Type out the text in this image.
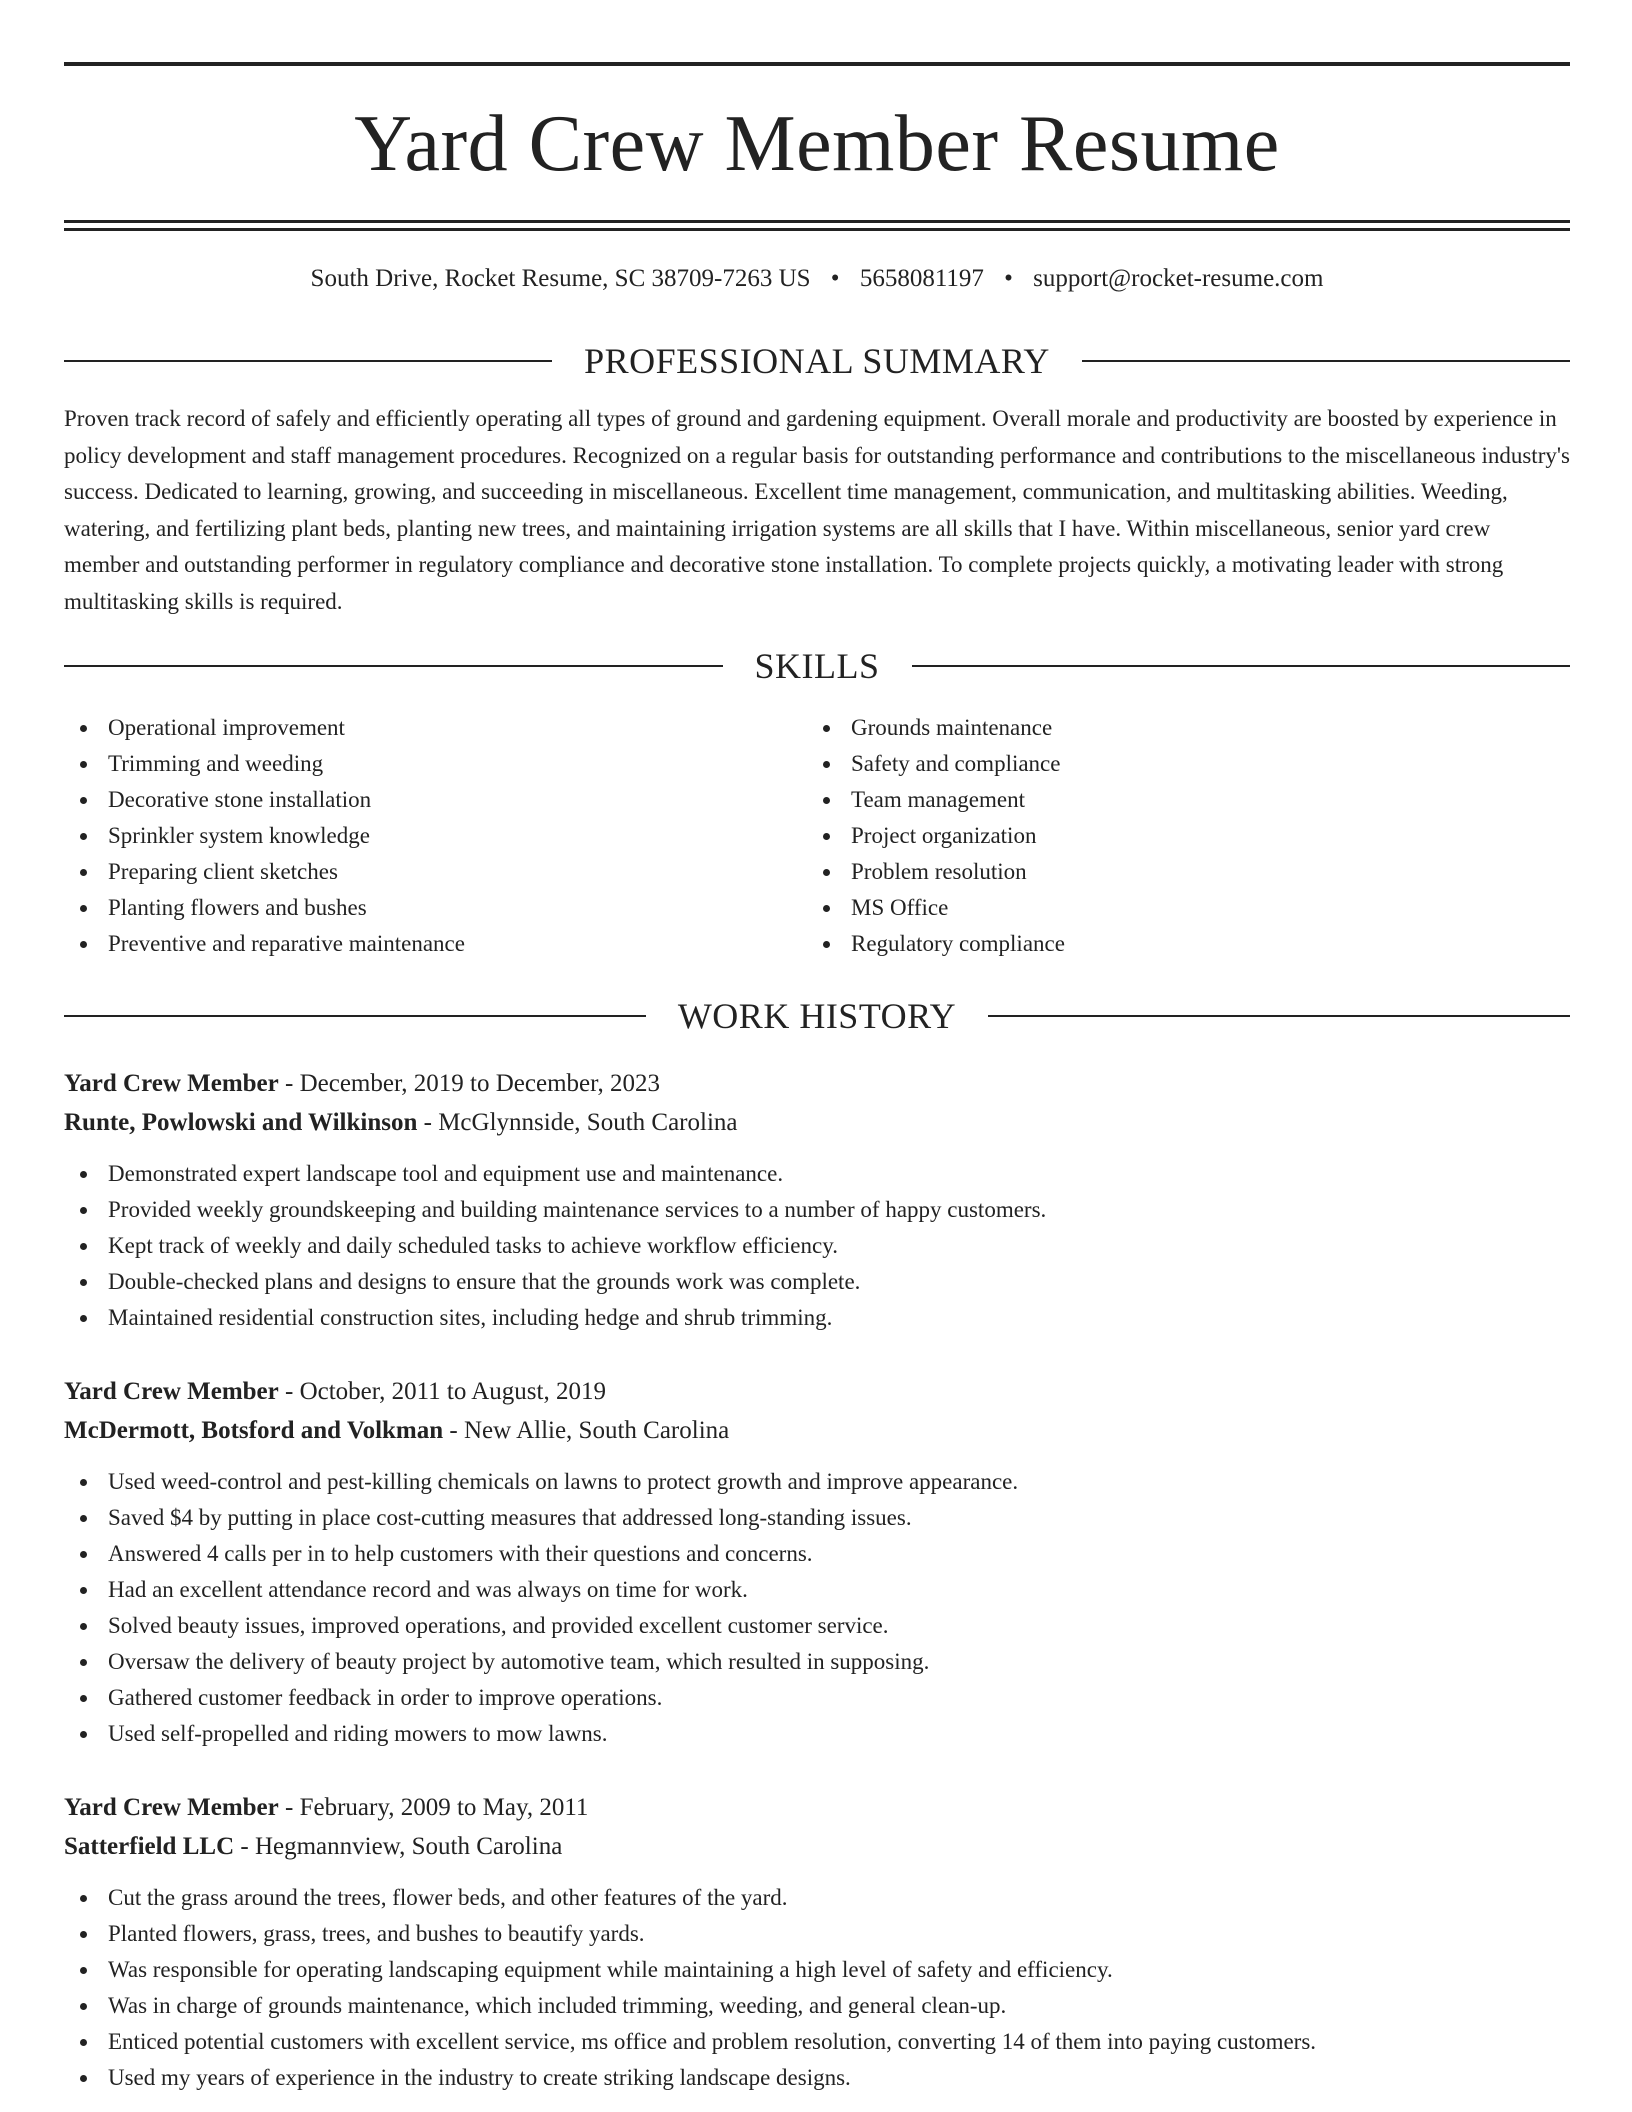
Yard Crew Member Resume
South Drive, Rocket Resume, SC 38709-7263 US • 5658081197 • support@rocket-resume.com
PROFESSIONAL SUMMARY

Proven track record of safely and efficiently operating all types of ground and gardening equipment. Overall morale and productivity are boosted by experience in policy development and staff management procedures. Recognized on a regular basis for outstanding performance and contributions to the miscellaneous industry's success. Dedicated to learning, growing, and succeeding in miscellaneous. Excellent time management, communication, and multitasking abilities. Weeding, watering, and fertilizing plant beds, planting new trees, and maintaining irrigation systems are all skills that I have. Within miscellaneous, senior yard crew member and outstanding performer in regulatory compliance and decorative stone installation. To complete projects quickly, a motivating leader with strong multitasking skills is required.

SKILLS
Operational improvement
Trimming and weeding
Decorative stone installation
Sprinkler system knowledge
Preparing client sketches
Planting flowers and bushes
Preventive and reparative maintenance
Grounds maintenance
Safety and compliance
Team management
Project organization
Problem resolution
MS Office
Regulatory compliance
WORK HISTORY
Yard Crew Member - December, 2019 to December, 2023
Runte, Powlowski and Wilkinson - McGlynnside, South Carolina
Demonstrated expert landscape tool and equipment use and maintenance.
Provided weekly groundskeeping and building maintenance services to a number of happy customers.
Kept track of weekly and daily scheduled tasks to achieve workflow efficiency.
Double-checked plans and designs to ensure that the grounds work was complete.
Maintained residential construction sites, including hedge and shrub trimming.
Yard Crew Member - October, 2011 to August, 2019
McDermott, Botsford and Volkman - New Allie, South Carolina
Used weed-control and pest-killing chemicals on lawns to protect growth and improve appearance.
Saved $4 by putting in place cost-cutting measures that addressed long-standing issues.
Answered 4 calls per in to help customers with their questions and concerns.
Had an excellent attendance record and was always on time for work.
Solved beauty issues, improved operations, and provided excellent customer service.
Oversaw the delivery of beauty project by automotive team, which resulted in supposing.
Gathered customer feedback in order to improve operations.
Used self-propelled and riding mowers to mow lawns.
Yard Crew Member - February, 2009 to May, 2011
Satterfield LLC - Hegmannview, South Carolina
Cut the grass around the trees, flower beds, and other features of the yard.
Planted flowers, grass, trees, and bushes to beautify yards.
Was responsible for operating landscaping equipment while maintaining a high level of safety and efficiency.
Was in charge of grounds maintenance, which included trimming, weeding, and general clean-up.
Enticed potential customers with excellent service, ms office and problem resolution, converting 14 of them into paying customers.
Used my years of experience in the industry to create striking landscape designs.
